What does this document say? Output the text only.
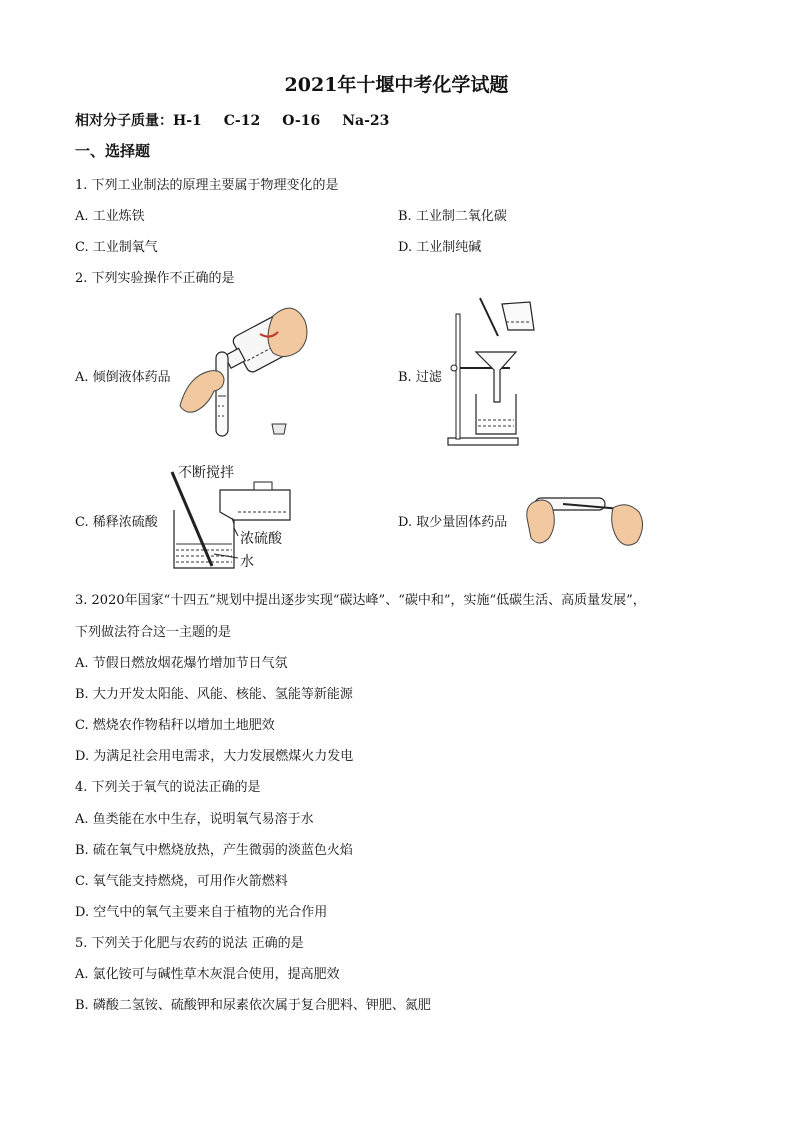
2021年十堰中考化学试题
相对分子质量：H-1 C-12 O-16 Na-23
一、选择题
1. 下列工业制法的原理主要属于物理变化的是
A. 工业炼铁	B. 工业制二氧化碳
C. 工业制氧气	D. 工业制纯碱
2. 下列实验操作不正确的是
A. 倾倒液体药品	B. 过滤
C. 稀释浓硫酸	D. 取少量固体药品
不断搅拌
浓硫酸
水
3. 2020年国家“十四五”规划中提出逐步实现“碳达峰”、“碳中和”，实施“低碳生活、高质量发展”，
下列做法符合这一主题的是
A. 节假日燃放烟花爆竹增加节日气氛
B. 大力开发太阳能、风能、核能、氢能等新能源
C. 燃烧农作物秸秆以增加土地肥效
D. 为满足社会用电需求，大力发展燃煤火力发电
4. 下列关于氧气的说法正确的是
A. 鱼类能在水中生存，说明氧气易溶于水
B. 硫在氧气中燃烧放热，产生微弱的淡蓝色火焰
C. 氧气能支持燃烧，可用作火箭燃料
D. 空气中的氧气主要来自于植物的光合作用
5. 下列关于化肥与农药的说法 正确的是
A. 氯化铵可与碱性草木灰混合使用，提高肥效
B. 磷酸二氢铵、硫酸钾和尿素依次属于复合肥料、钾肥、氮肥
